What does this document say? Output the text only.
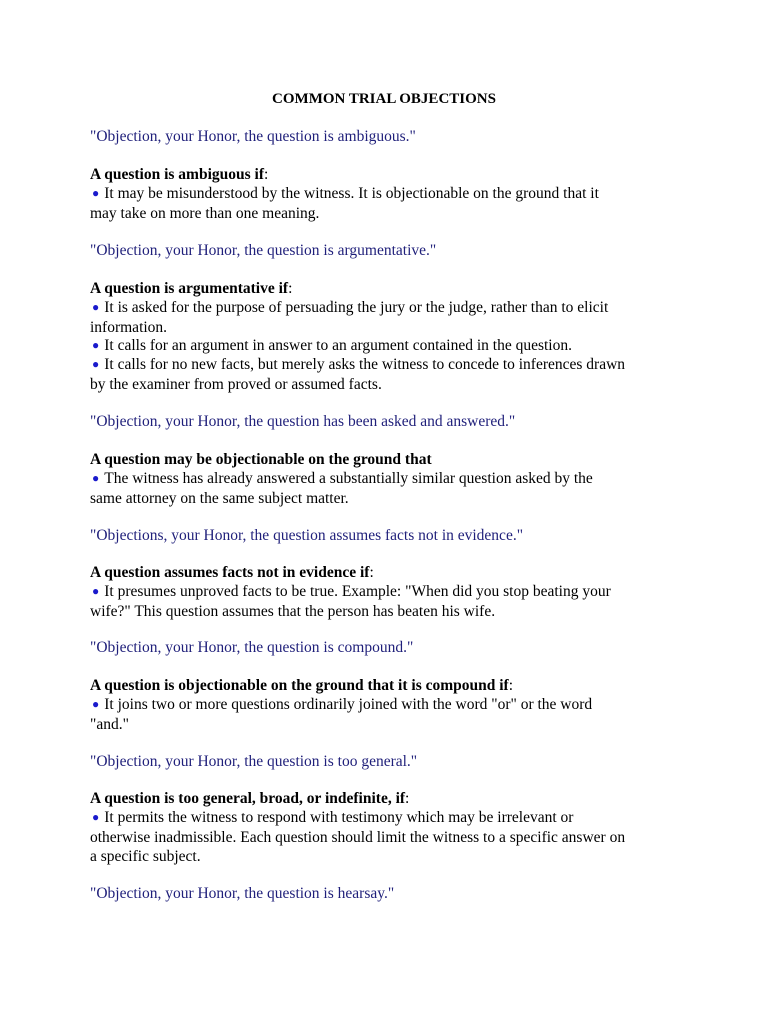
COMMON TRIAL OBJECTIONS
"Objection, your Honor, the question is ambiguous."
A question is ambiguous if:
● It may be misunderstood by the witness. It is objectionable on the ground that it
may take on more than one meaning.
"Objection, your Honor, the question is argumentative."
A question is argumentative if:
● It is asked for the purpose of persuading the jury or the judge, rather than to elicit
information.
● It calls for an argument in answer to an argument contained in the question.
● It calls for no new facts, but merely asks the witness to concede to inferences drawn
by the examiner from proved or assumed facts.
"Objection, your Honor, the question has been asked and answered."
A question may be objectionable on the ground that
● The witness has already answered a substantially similar question asked by the
same attorney on the same subject matter.
"Objections, your Honor, the question assumes facts not in evidence."
A question assumes facts not in evidence if:
● It presumes unproved facts to be true. Example: "When did you stop beating your
wife?" This question assumes that the person has beaten his wife.
"Objection, your Honor, the question is compound."
A question is objectionable on the ground that it is compound if:
● It joins two or more questions ordinarily joined with the word "or" or the word
"and."
"Objection, your Honor, the question is too general."
A question is too general, broad, or indefinite, if:
● It permits the witness to respond with testimony which may be irrelevant or
otherwise inadmissible. Each question should limit the witness to a specific answer on
a specific subject.
"Objection, your Honor, the question is hearsay."
